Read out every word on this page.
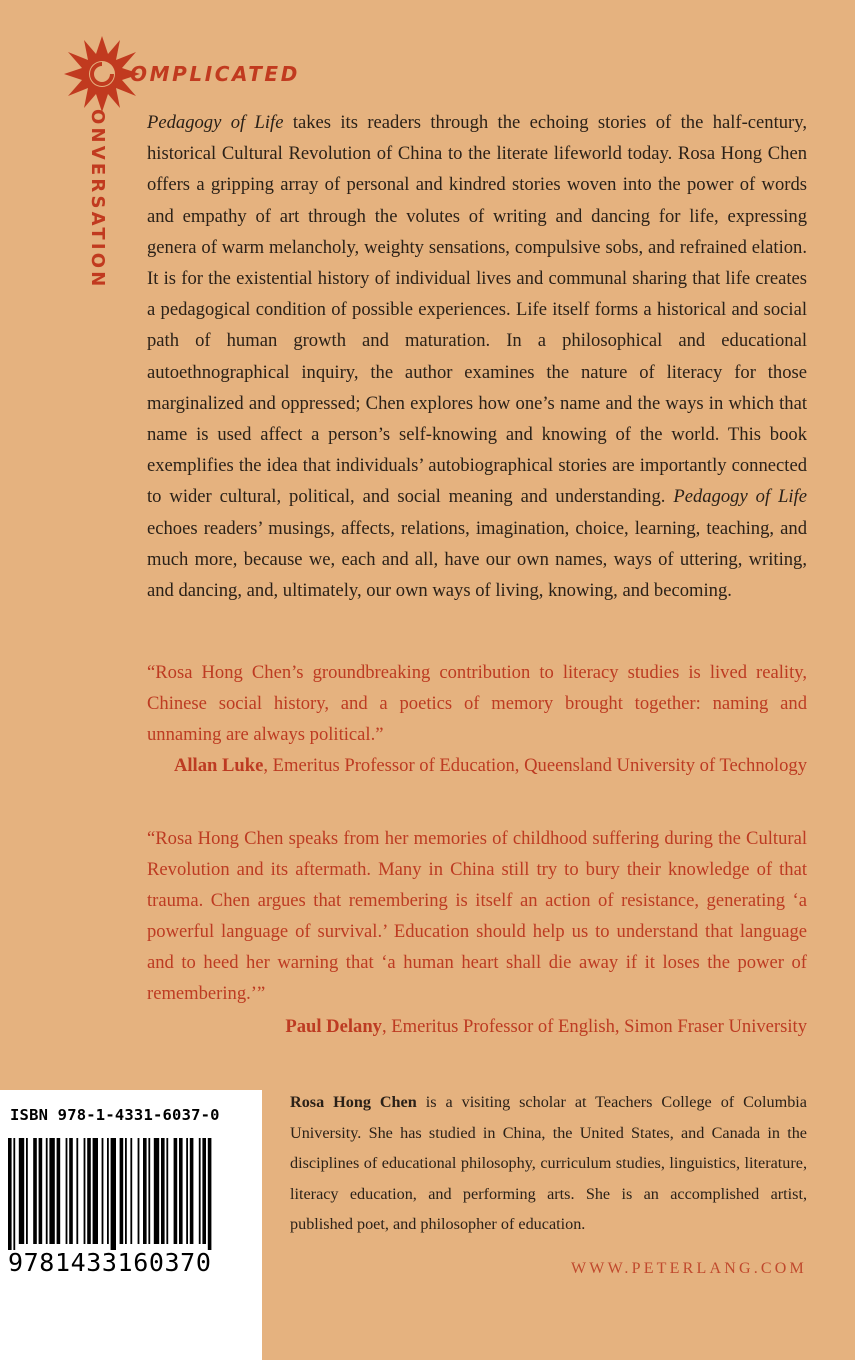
OMPLICATED
ONVERSATION Pedagogy of Life takes its readers through the echoing stories of the half-century, historical Cultural Revolution of China to the literate lifeworld today. Rosa Hong Chen offers a gripping array of personal and kindred stories woven into the power of words and empathy of art through the volutes of writing and dancing for life, expressing genera of warm melancholy, weighty sensations, compulsive sobs, and refrained elation. It is for the existential history of individual lives and communal sharing that life creates a pedagogical condition of possible experiences. Life itself forms a historical and social path of human growth and maturation. In a philosophical and educational autoethnographical inquiry, the author examines the nature of literacy for those marginalized and oppressed; Chen explores how one’s name and the ways in which that name is used affect a person’s self-knowing and knowing of the world. This book exemplifies the idea that individuals’ autobiographical stories are importantly connected to wider cultural, political, and social meaning and understanding. Pedagogy of Life echoes readers’ musings, affects, relations, imagination, choice, learning, teaching, and much more, because we, each and all, have our own names, ways of uttering, writing, and dancing, and, ultimately, our own ways of living, knowing, and becoming.
“Rosa Hong Chen’s groundbreaking contribution to literacy studies is lived reality, Chinese social history, and a poetics of memory brought together: naming and unnaming are always political.”
Allan Luke, Emeritus Professor of Education, Queensland University of Technology
“Rosa Hong Chen speaks from her memories of childhood suffering during the Cultural Revolution and its aftermath. Many in China still try to bury their knowledge of that trauma. Chen argues that remembering is itself an action of resistance, generating ‘a powerful language of survival.’ Education should help us to understand that language and to heed her warning that ‘a human heart shall die away if it loses the power of remembering.’”
Paul Delany, Emeritus Professor of English, Simon Fraser University
Rosa Hong Chen is a visiting scholar at Teachers College of Columbia University. She has studied in China, the United States, and Canada in the disciplines of educational philosophy, curriculum studies, linguistics, literature, literacy education, and performing arts. She is an accomplished artist, published poet, and philosopher of education.
WWW.PETERLANG.COM
ISBN 978-1-4331-6037-0
9781433160370
